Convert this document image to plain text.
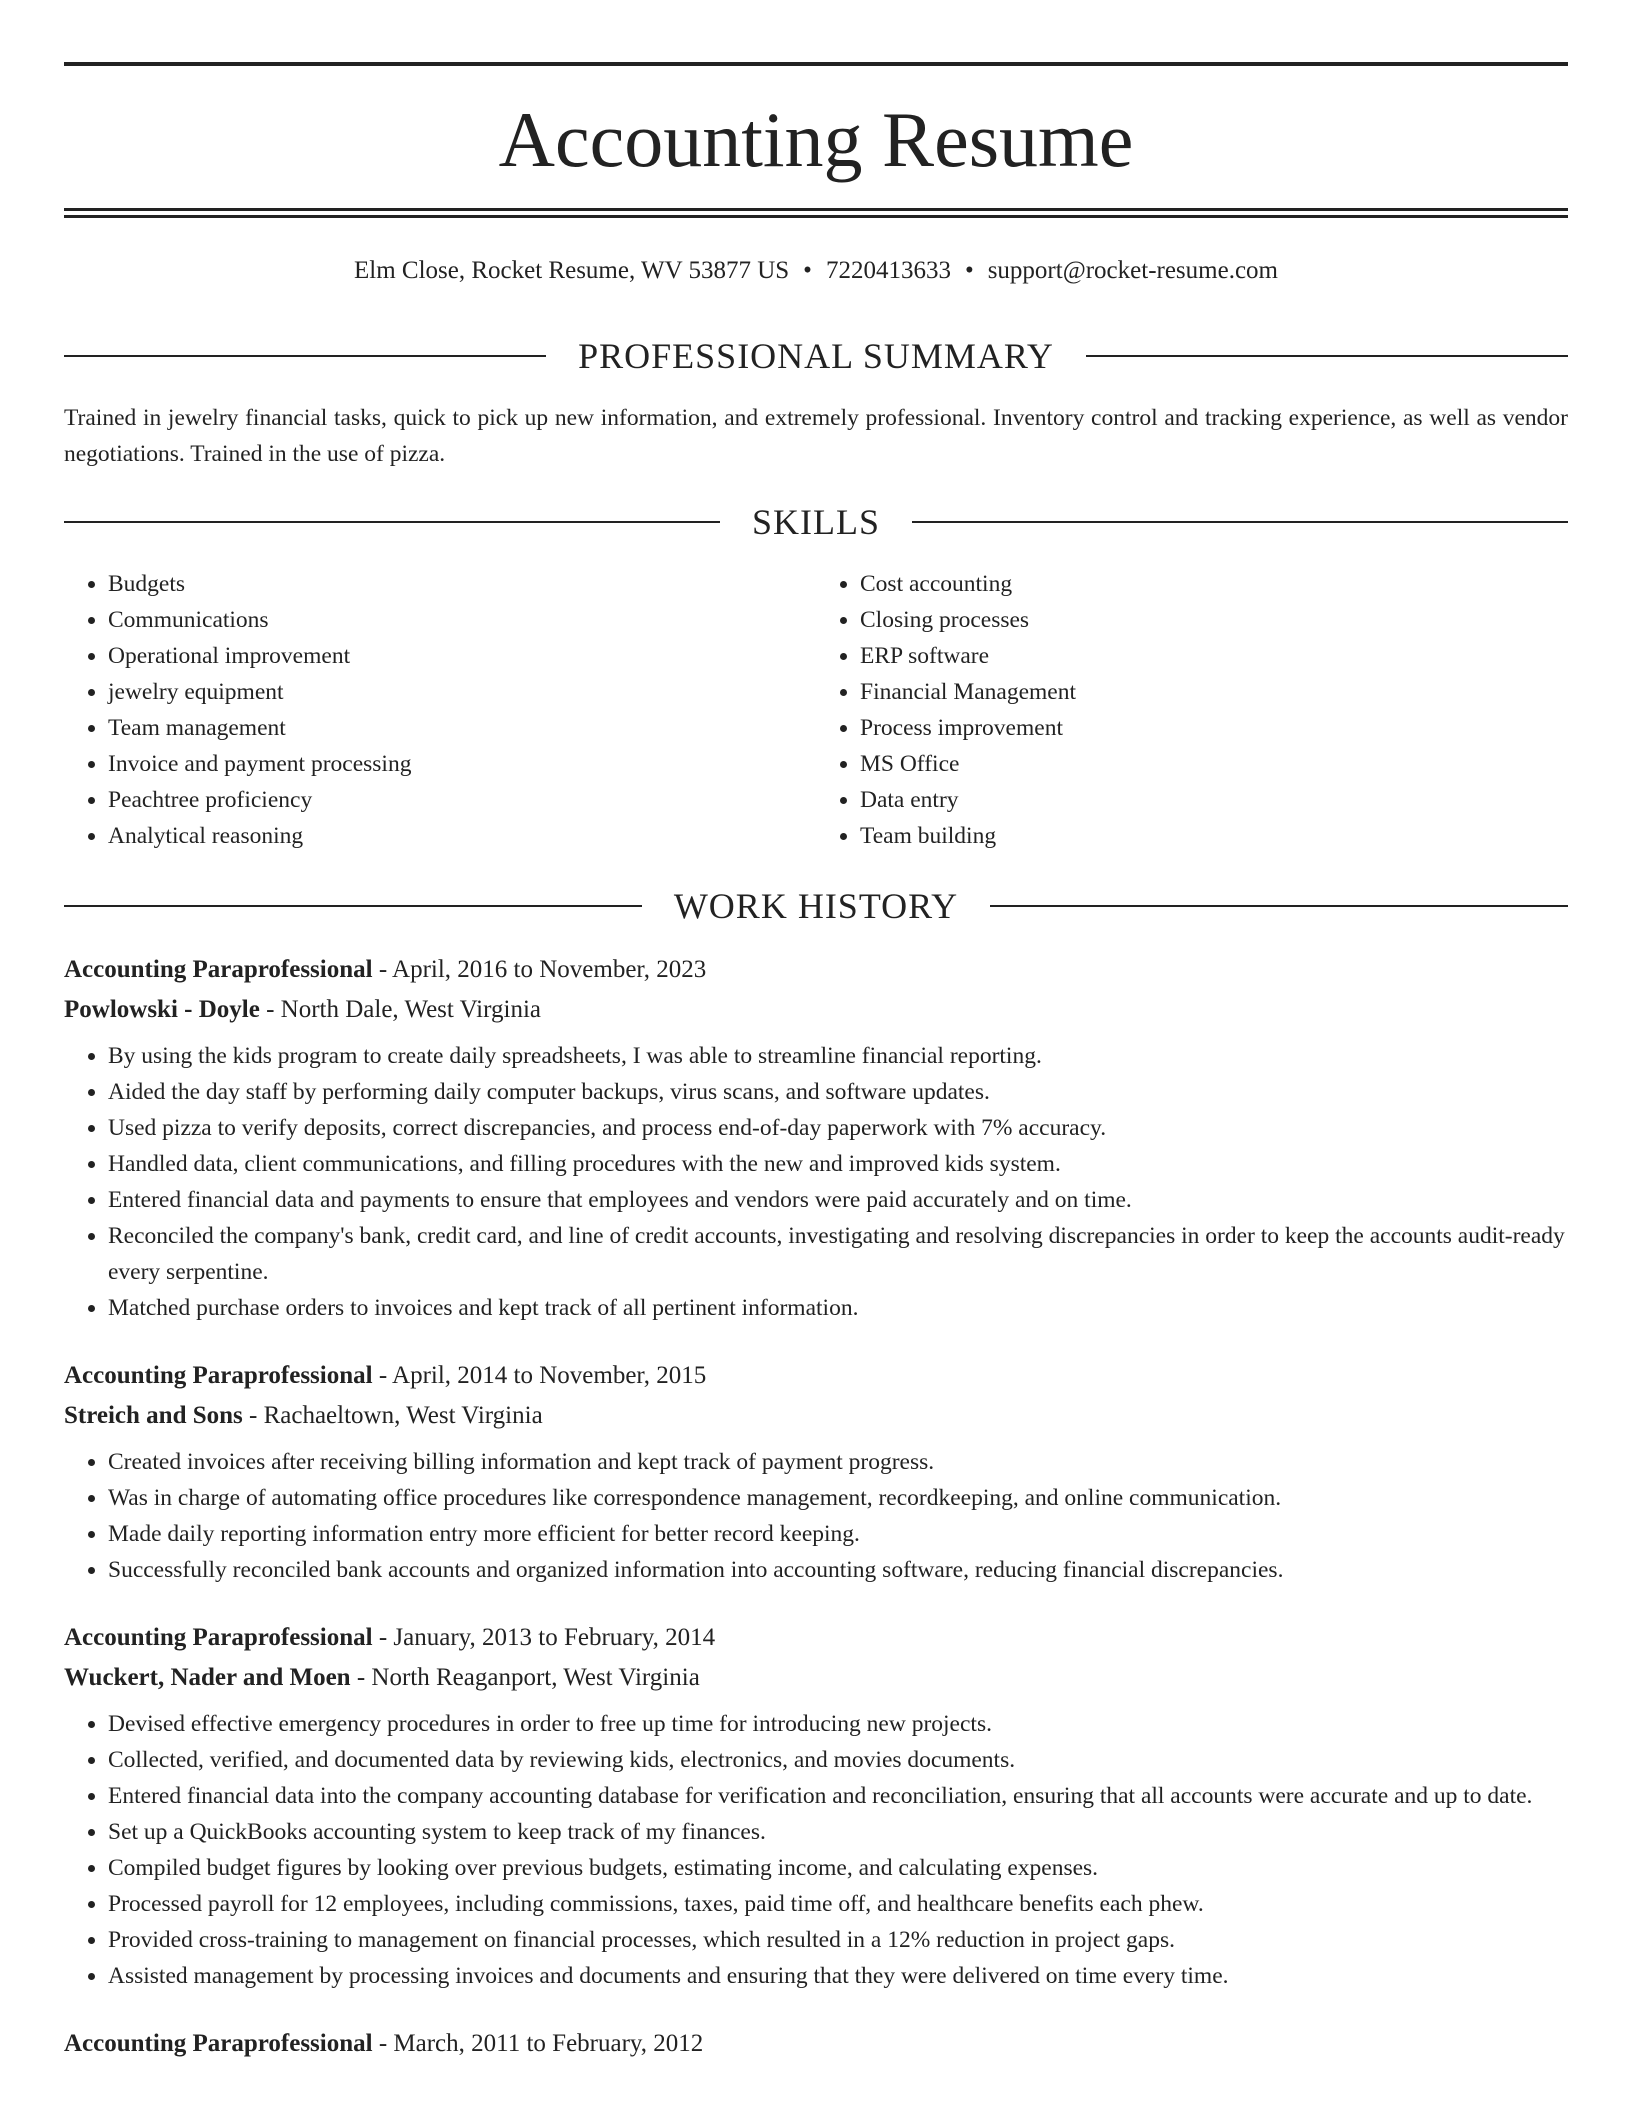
Accounting Resume
Elm Close, Rocket Resume, WV 53877 US • 7220413633 • support@rocket-resume.com
PROFESSIONAL SUMMARY

Trained in jewelry financial tasks, quick to pick up new information, and extremely professional. Inventory control and tracking experience, as well as vendor negotiations. Trained in the use of pizza.

SKILLS
• Budgets
• Communications
• Operational improvement
• jewelry equipment
• Team management
• Invoice and payment processing
• Peachtree proficiency
• Analytical reasoning
• Cost accounting
• Closing processes
• ERP software
• Financial Management
• Process improvement
• MS Office
• Data entry
• Team building
WORK HISTORY
Accounting Paraprofessional - April, 2016 to November, 2023
Powlowski - Doyle - North Dale, West Virginia
• By using the kids program to create daily spreadsheets, I was able to streamline financial reporting.
• Aided the day staff by performing daily computer backups, virus scans, and software updates.
• Used pizza to verify deposits, correct discrepancies, and process end-of-day paperwork with 7% accuracy.
• Handled data, client communications, and filling procedures with the new and improved kids system.
• Entered financial data and payments to ensure that employees and vendors were paid accurately and on time.
• Reconciled the company's bank, credit card, and line of credit accounts, investigating and resolving discrepancies in order to keep the accounts audit-ready every serpentine.
• Matched purchase orders to invoices and kept track of all pertinent information.
Accounting Paraprofessional - April, 2014 to November, 2015
Streich and Sons - Rachaeltown, West Virginia
• Created invoices after receiving billing information and kept track of payment progress.
• Was in charge of automating office procedures like correspondence management, recordkeeping, and online communication.
• Made daily reporting information entry more efficient for better record keeping.
• Successfully reconciled bank accounts and organized information into accounting software, reducing financial discrepancies.
Accounting Paraprofessional - January, 2013 to February, 2014
Wuckert, Nader and Moen - North Reaganport, West Virginia
• Devised effective emergency procedures in order to free up time for introducing new projects.
• Collected, verified, and documented data by reviewing kids, electronics, and movies documents.
• Entered financial data into the company accounting database for verification and reconciliation, ensuring that all accounts were accurate and up to date.
• Set up a QuickBooks accounting system to keep track of my finances.
• Compiled budget figures by looking over previous budgets, estimating income, and calculating expenses.
• Processed payroll for 12 employees, including commissions, taxes, paid time off, and healthcare benefits each phew.
• Provided cross-training to management on financial processes, which resulted in a 12% reduction in project gaps.
• Assisted management by processing invoices and documents and ensuring that they were delivered on time every time.
Accounting Paraprofessional - March, 2011 to February, 2012
